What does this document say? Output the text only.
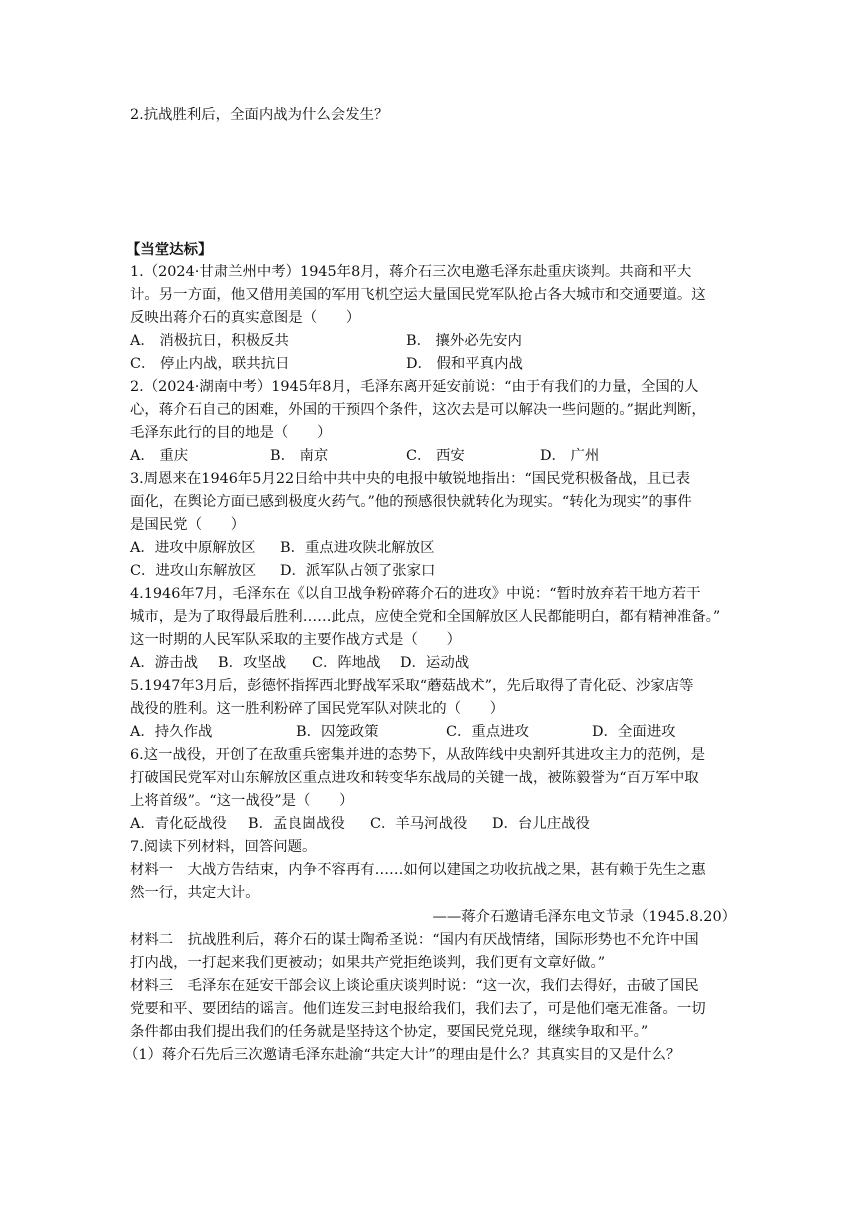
2.抗战胜利后，全面内战为什么会发生？
【当堂达标】
1.（2024·甘肃兰州中考）1945年8月，蒋介石三次电邀毛泽东赴重庆谈判。共商和平大
计。另一方面，他又借用美国的军用飞机空运大量国民党军队抢占各大城市和交通要道。这
反映出蒋介石的真实意图是（　　）
A． 消极抗日，积极反共	B． 攘外必先安内
C． 停止内战，联共抗日	D． 假和平真内战
2.（2024·湖南中考）1945年8月，毛泽东离开延安前说：“由于有我们的力量，全国的人
心，蒋介石自己的困难，外国的干预四个条件，这次去是可以解决一些问题的。”据此判断，
毛泽东此行的目的地是（　　）
A． 重庆	B． 南京	C． 西安	D． 广州
3.周恩来在1946年5月22日给中共中央的电报中敏锐地指出：“国民党积极备战，且已表
面化，在舆论方面已感到极度火药气。”他的预感很快就转化为现实。“转化为现实”的事件
是国民党（　　）
A．进攻中原解放区 B．重点进攻陕北解放区
C．进攻山东解放区 D．派军队占领了张家口
4.1946年7月，毛泽东在《以自卫战争粉碎蒋介石的进攻》中说：“暂时放弃若干地方若干
城市，是为了取得最后胜利……此点，应使全党和全国解放区人民都能明白，都有精神准备。”
这一时期的人民军队采取的主要作战方式是（　　）
A．游击战 B．攻坚战 C．阵地战 D．运动战
5.1947年3月后，彭德怀指挥西北野战军采取“蘑菇战术”，先后取得了青化砭、沙家店等
战役的胜利。这一胜利粉碎了国民党军队对陕北的（　　）
A．持久作战	B．囚笼政策	C．重点进攻	D．全面进攻
6.这一战役，开创了在敌重兵密集并进的态势下，从敌阵线中央割歼其进攻主力的范例，是
打破国民党军对山东解放区重点进攻和转变华东战局的关键一战，被陈毅誉为“百万军中取
上将首级”。“这一战役”是（　　）
A．青化砭战役 B．孟良崮战役 C．羊马河战役 D．台儿庄战役
7.阅读下列材料，回答问题。
材料一　大战方告结束，内争不容再有……如何以建国之功收抗战之果，甚有赖于先生之惠
然一行，共定大计。
——蒋介石邀请毛泽东电文节录（1945.8.20）
材料二　抗战胜利后，蒋介石的谋士陶希圣说：“国内有厌战情绪，国际形势也不允许中国
打内战，一打起来我们更被动；如果共产党拒绝谈判，我们更有文章好做。”
材料三　毛泽东在延安干部会议上谈论重庆谈判时说：“这一次，我们去得好，击破了国民
党要和平、要团结的谣言。他们连发三封电报给我们，我们去了，可是他们毫无准备。一切
条件都由我们提出我们的任务就是坚持这个协定，要国民党兑现，继续争取和平。”
（1）蒋介石先后三次邀请毛泽东赴渝“共定大计”的理由是什么？其真实目的又是什么？
